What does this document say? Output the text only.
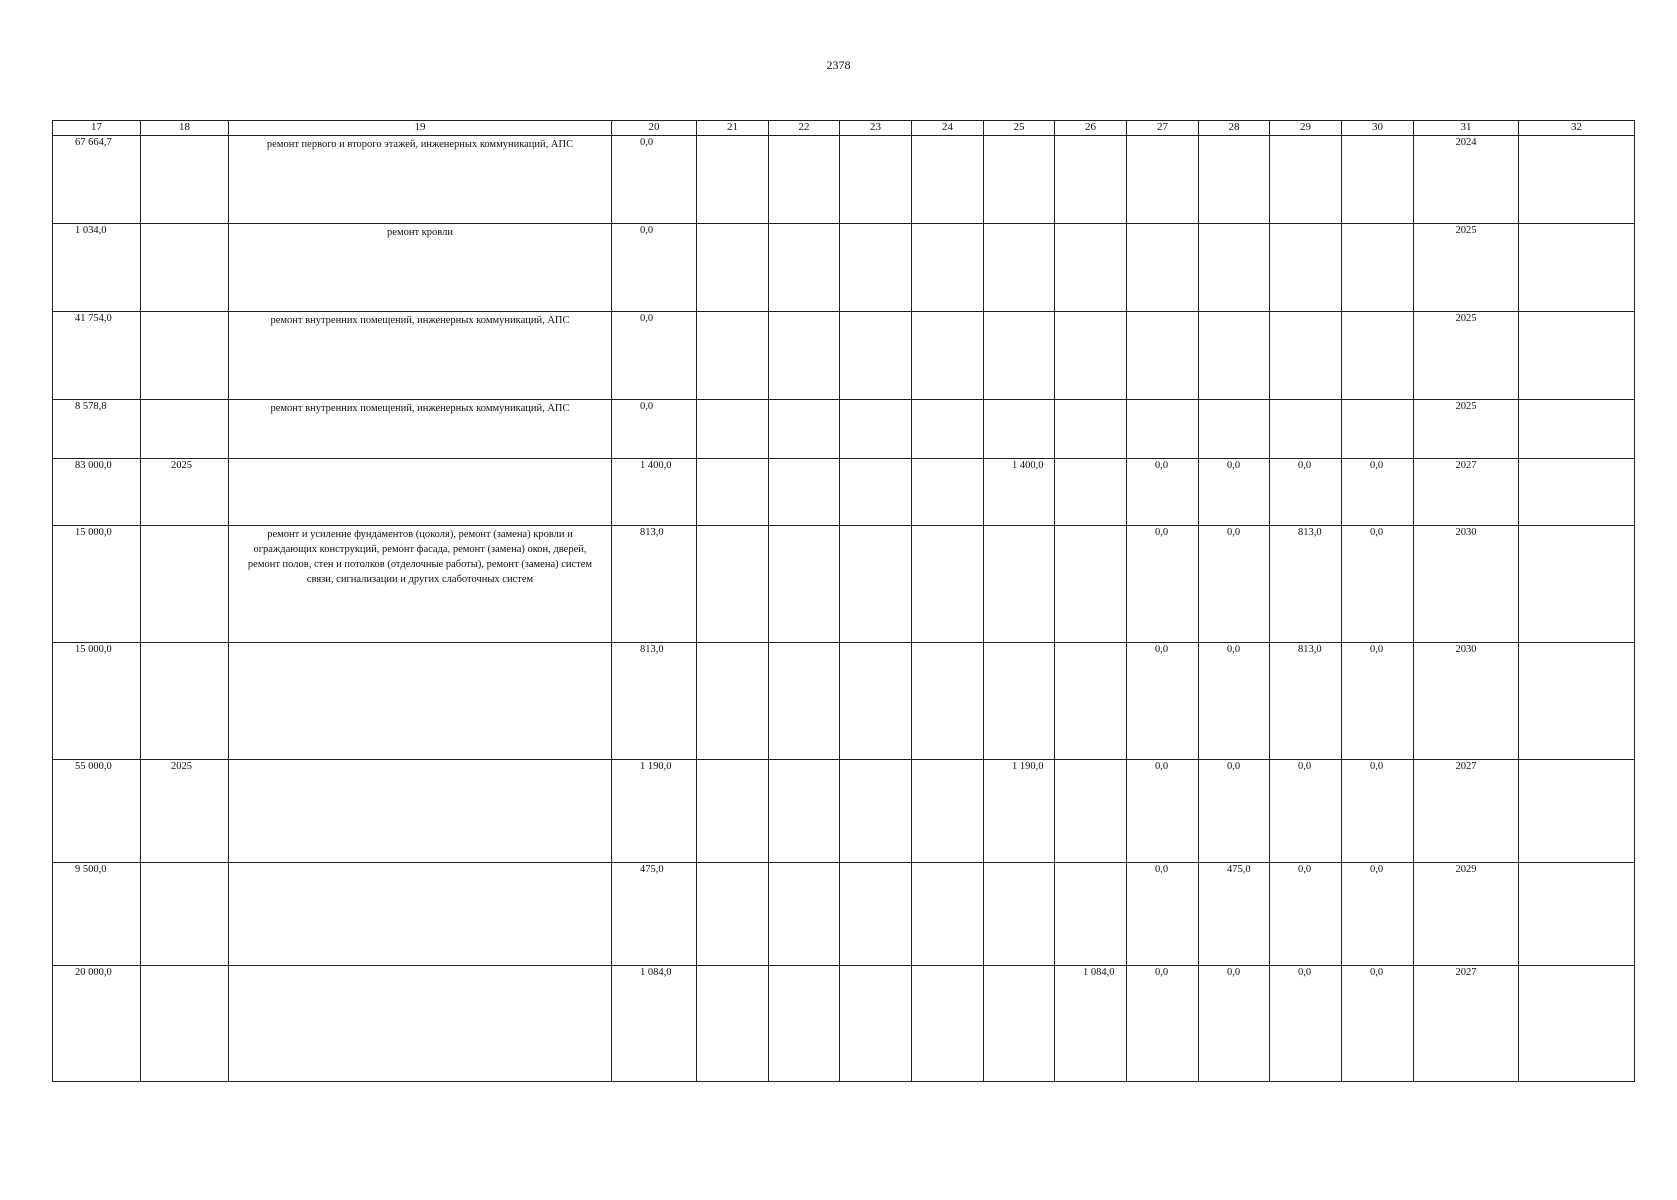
2378
17	18	19	20	21	22	23	24	25	26	27	28	29	30	31	32
67 664,7		ремонт первого и второго этажей, инженерных коммуникаций, АПС	0,0											2024	
1 034,0		ремонт кровли	0,0											2025	
41 754,0		ремонт внутренних помещений, инженерных коммуникаций, АПС	0,0											2025	
8 578,8		ремонт внутренних помещений, инженерных коммуникаций, АПС	0,0											2025	
83 000,0	2025		1 400,0					1 400,0		0,0	0,0	0,0	0,0	2027	
15 000,0		ремонт и усиление фундаментов (цоколя), ремонт (замена) кровли и ограждающих конструкций, ремонт фасада, ремонт (замена) окон, дверей, ремонт полов, стен и потолков (отделочные работы), ремонт (замена) систем связи, сигнализации и других слаботочных систем	813,0							0,0	0,0	813,0	0,0	2030	
15 000,0			813,0							0,0	0,0	813,0	0,0	2030	
55 000,0	2025		1 190,0					1 190,0		0,0	0,0	0,0	0,0	2027	
9 500,0			475,0							0,0	475,0	0,0	0,0	2029	
20 000,0			1 084,0						1 084,0	0,0	0,0	0,0	0,0	2027	
